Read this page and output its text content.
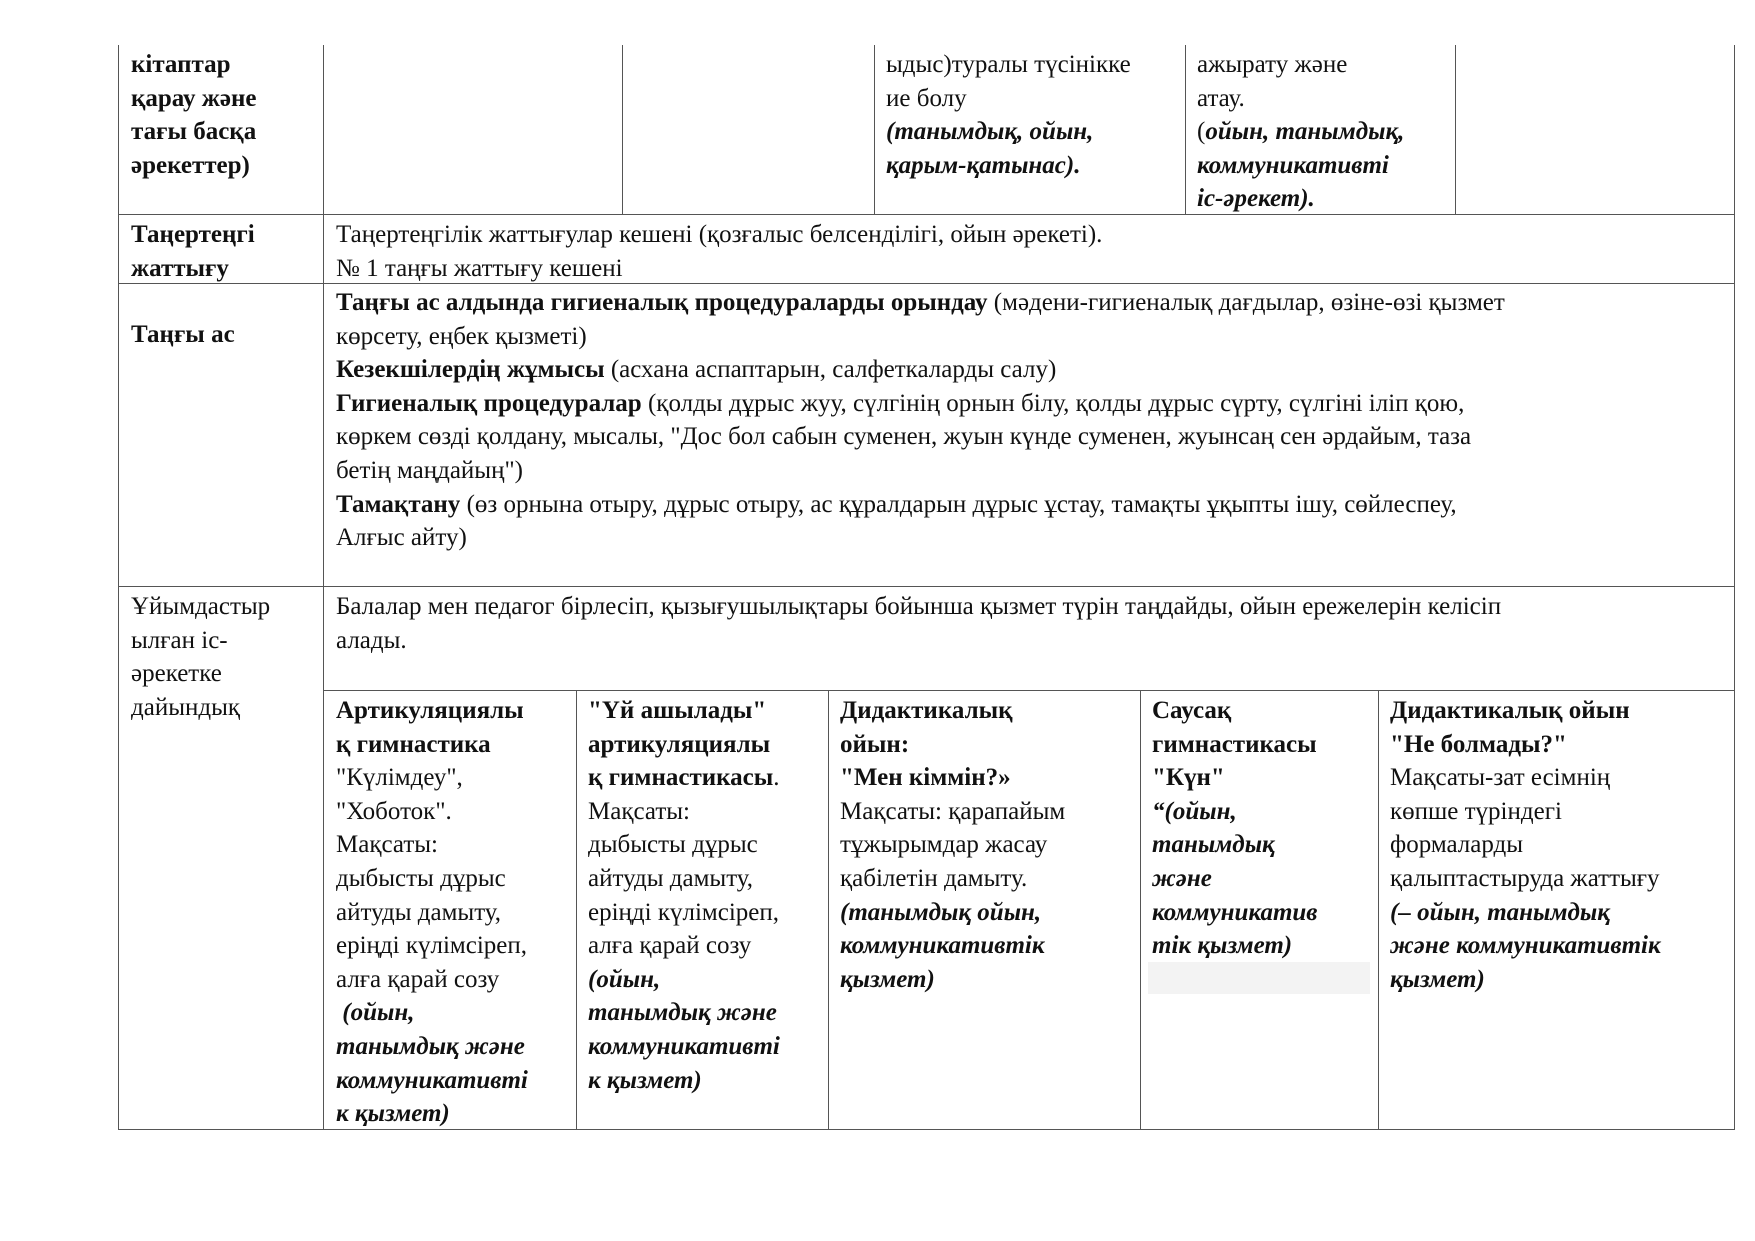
кітаптар

қарау және

тағы басқа

әрекеттер)

ыдыс)туралы түсінікке

ие болу

(танымдық, ойын,

қарым-қатынас).

ажырату және

атау.

(ойын, танымдық,

коммуникативті

іс-әрекет).

Таңертеңгі

жаттығу

Таңертеңгілік жаттығулар кешені (қозғалыс белсенділігі, ойын әрекеті).

№ 1 таңғы жаттығу кешені

Таңғы ас

Таңғы ас алдында гигиеналық процедураларды орындау (мәдени-гигиеналық дағдылар, өзіне-өзі қызмет

көрсету, еңбек қызметі)

Кезекшілердің жұмысы (асхана аспаптарын, салфеткаларды салу)

Гигиеналық процедуралар (қолды дұрыс жуу, сүлгінің орнын білу, қолды дұрыс сүрту, сүлгіні іліп қою,

көркем сөзді қолдану, мысалы, "Дос бол сабын суменен, жуын күнде суменен, жуынсаң сен әрдайым, таза

бетің маңдайың")

Тамақтану (өз орнына отыру, дұрыс отыру, ас құралдарын дұрыс ұстау, тамақты ұқыпты ішу, сөйлеспеу,

Алғыс айту)

Ұйымдастыр

ылған іс-

әрекетке

дайындық

Балалар мен педагог бірлесіп, қызығушылықтары бойынша қызмет түрін таңдайды, ойын ережелерін келісіп

алады.

Артикуляциялы

қ гимнастика

"Күлімдеу",

"Хоботок".

Мақсаты:

дыбысты дұрыс

айтуды дамыту,

еріңді күлімсіреп,

алға қарай созу

(ойын,

танымдық және

коммуникативті

к қызмет)

"Үй ашылады"

артикуляциялы

қ гимнастикасы.

Мақсаты:

дыбысты дұрыс

айтуды дамыту,

еріңді күлімсіреп,

алға қарай созу

(ойын,

танымдық және

коммуникативті

к қызмет)

Дидактикалық

ойын:

"Мен кіммін?»

Мақсаты: қарапайым

тұжырымдар жасау

қабілетін дамыту.

(танымдық ойын,

коммуникативтік

қызмет)

Саусақ

гимнастикасы

"Күн"

“(ойын,

танымдық

және

коммуникатив

тік қызмет)

Дидактикалық ойын

"Не болмады?"

Мақсаты-зат есімнің

көпше түріндегі

формаларды

қалыптастыруда жаттығу

(– ойын, танымдық

және коммуникативтік

қызмет)
